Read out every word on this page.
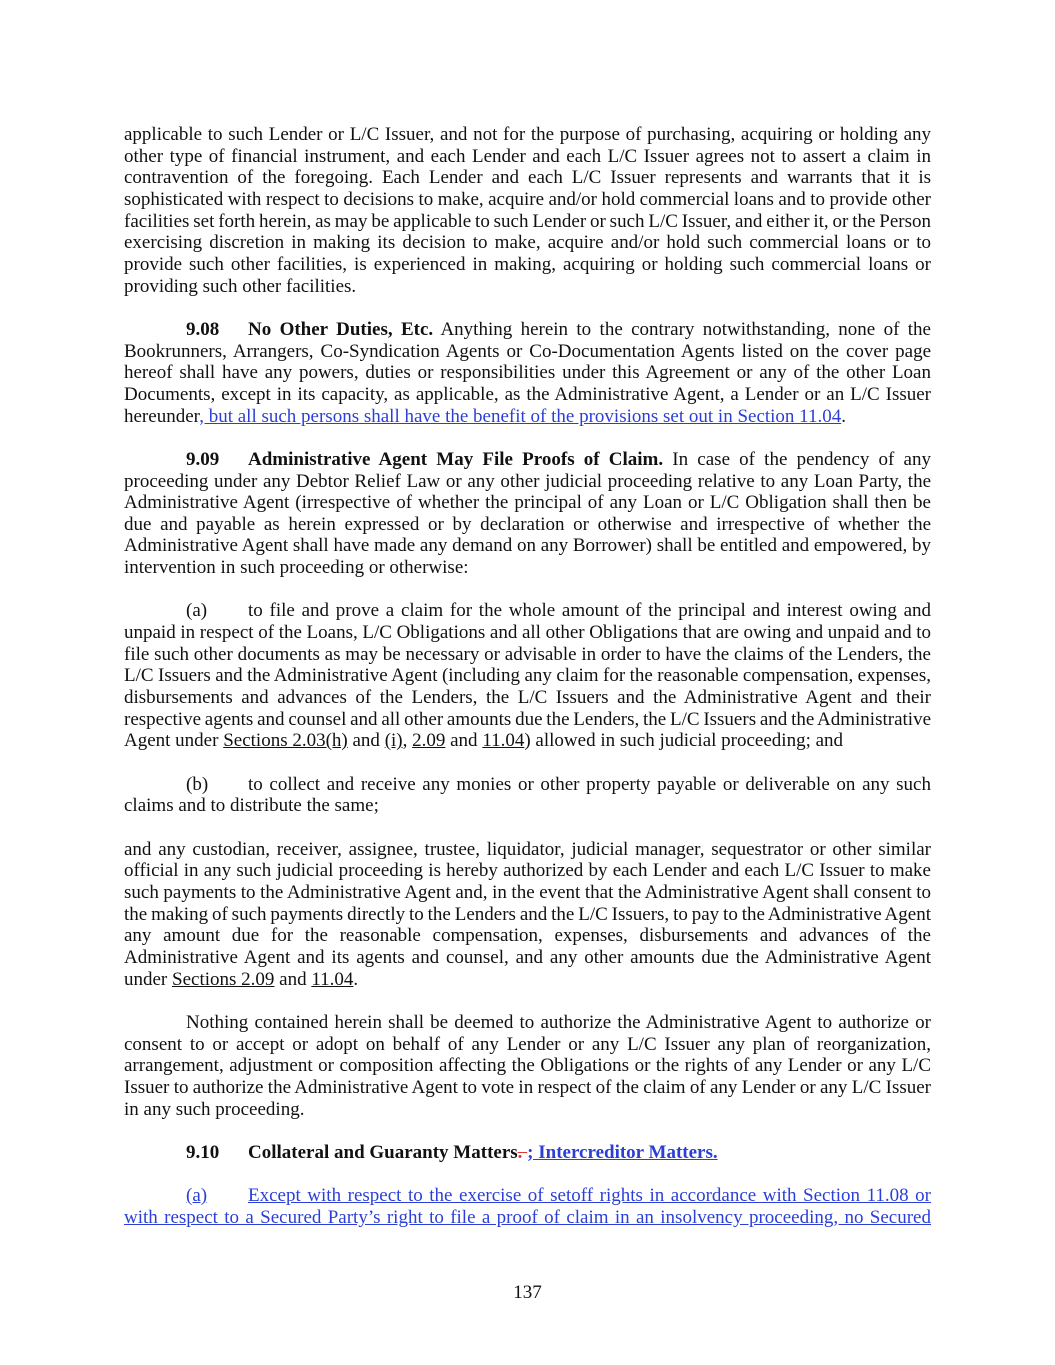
applicable to such Lender or L/C Issuer, and not for the purpose of purchasing, acquiring or holding any
other type of financial instrument, and each Lender and each L/C Issuer agrees not to assert a claim in
contravention of the foregoing. Each Lender and each L/C Issuer represents and warrants that it is
sophisticated with respect to decisions to make, acquire and/or hold commercial loans and to provide other
facilities set forth herein, as may be applicable to such Lender or such L/C Issuer, and either it, or the Person
exercising discretion in making its decision to make, acquire and/or hold such commercial loans or to
provide such other facilities, is experienced in making, acquiring or holding such commercial loans or
providing such other facilities.
9.08 No Other Duties, Etc. Anything herein to the contrary notwithstanding, none of the
Bookrunners, Arrangers, Co-Syndication Agents or Co-Documentation Agents listed on the cover page
hereof shall have any powers, duties or responsibilities under this Agreement or any of the other Loan
Documents, except in its capacity, as applicable, as the Administrative Agent, a Lender or an L/C Issuer
hereunder, but all such persons shall have the benefit of the provisions set out in Section 11.04.
9.09 Administrative Agent May File Proofs of Claim. In case of the pendency of any
proceeding under any Debtor Relief Law or any other judicial proceeding relative to any Loan Party, the
Administrative Agent (irrespective of whether the principal of any Loan or L/C Obligation shall then be
due and payable as herein expressed or by declaration or otherwise and irrespective of whether the
Administrative Agent shall have made any demand on any Borrower) shall be entitled and empowered, by
intervention in such proceeding or otherwise:
(a) to file and prove a claim for the whole amount of the principal and interest owing and
unpaid in respect of the Loans, L/C Obligations and all other Obligations that are owing and unpaid and to
file such other documents as may be necessary or advisable in order to have the claims of the Lenders, the
L/C Issuers and the Administrative Agent (including any claim for the reasonable compensation, expenses,
disbursements and advances of the Lenders, the L/C Issuers and the Administrative Agent and their
respective agents and counsel and all other amounts due the Lenders, the L/C Issuers and the Administrative
Agent under Sections 2.03(h) and (i), 2.09 and 11.04) allowed in such judicial proceeding; and
(b) to collect and receive any monies or other property payable or deliverable on any such
claims and to distribute the same;
and any custodian, receiver, assignee, trustee, liquidator, judicial manager, sequestrator or other similar
official in any such judicial proceeding is hereby authorized by each Lender and each L/C Issuer to make
such payments to the Administrative Agent and, in the event that the Administrative Agent shall consent to
the making of such payments directly to the Lenders and the L/C Issuers, to pay to the Administrative Agent
any amount due for the reasonable compensation, expenses, disbursements and advances of the
Administrative Agent and its agents and counsel, and any other amounts due the Administrative Agent
under Sections 2.09 and 11.04.
Nothing contained herein shall be deemed to authorize the Administrative Agent to authorize or
consent to or accept or adopt on behalf of any Lender or any L/C Issuer any plan of reorganization,
arrangement, adjustment or composition affecting the Obligations or the rights of any Lender or any L/C
Issuer to authorize the Administrative Agent to vote in respect of the claim of any Lender or any L/C Issuer
in any such proceeding.
9.10 Collateral and Guaranty Matters. ; Intercreditor Matters.
(a) Except with respect to the exercise of setoff rights in accordance with Section 11.08 or
with respect to a Secured Party’s right to file a proof of claim in an insolvency proceeding, no Secured
137
